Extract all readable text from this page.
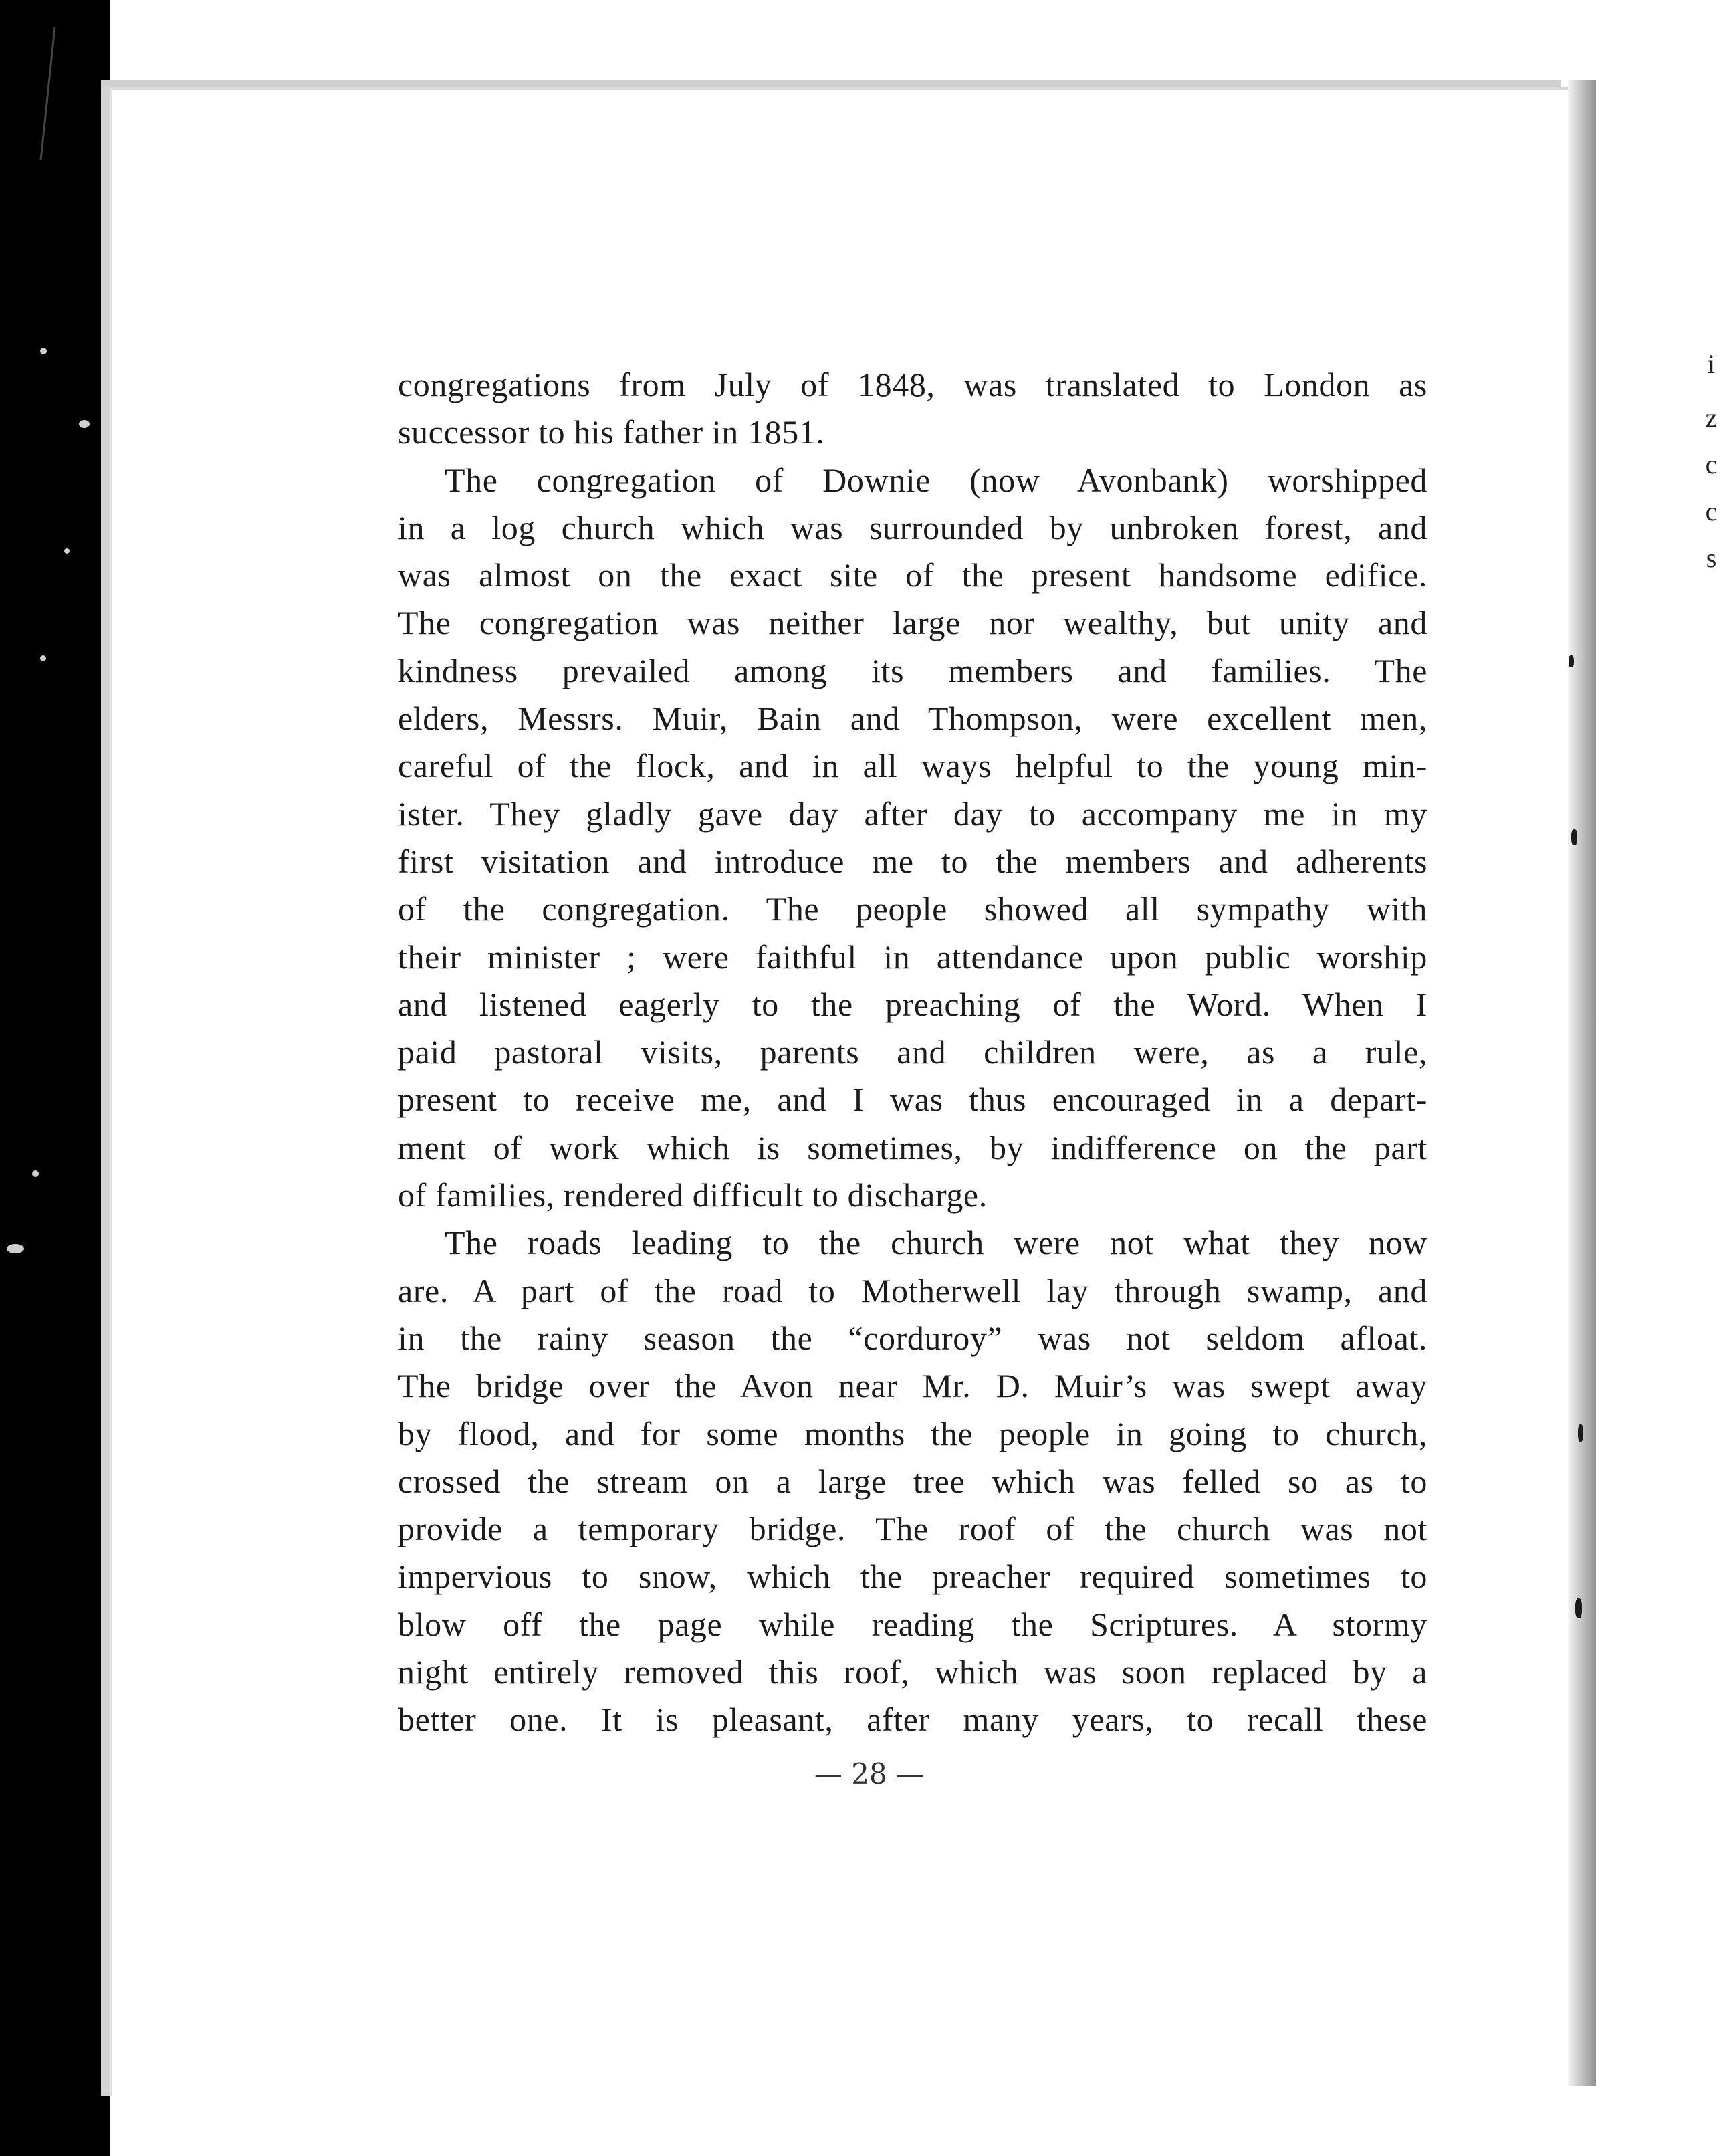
congregations from July of 1848, was translated to London as
successor to his father in 1851.
The congregation of Downie (now Avonbank) worshipped
in a log church which was surrounded by unbroken forest, and
was almost on the exact site of the present handsome edifice.
The congregation was neither large nor wealthy, but unity and
kindness prevailed among its members and families. The
elders, Messrs. Muir, Bain and Thompson, were excellent men,
careful of the flock, and in all ways helpful to the young min-
ister. They gladly gave day after day to accompany me in my
first visitation and introduce me to the members and adherents
of the congregation. The people showed all sympathy with
their minister ; were faithful in attendance upon public worship
and listened eagerly to the preaching of the Word. When I
paid pastoral visits, parents and children were, as a rule,
present to receive me, and I was thus encouraged in a depart-
ment of work which is sometimes, by indifference on the part
of families, rendered difficult to discharge.
The roads leading to the church were not what they now
are. A part of the road to Motherwell lay through swamp, and
in the rainy season the “corduroy” was not seldom afloat.
The bridge over the Avon near Mr. D. Muir’s was swept away
by flood, and for some months the people in going to church,
crossed the stream on a large tree which was felled so as to
provide a temporary bridge. The roof of the church was not
impervious to snow, which the preacher required sometimes to
blow off the page while reading the Scriptures. A stormy
night entirely removed this roof, which was soon replaced by a
better one. It is pleasant, after many years, to recall these
— 28 —
i
z
c
c
s
